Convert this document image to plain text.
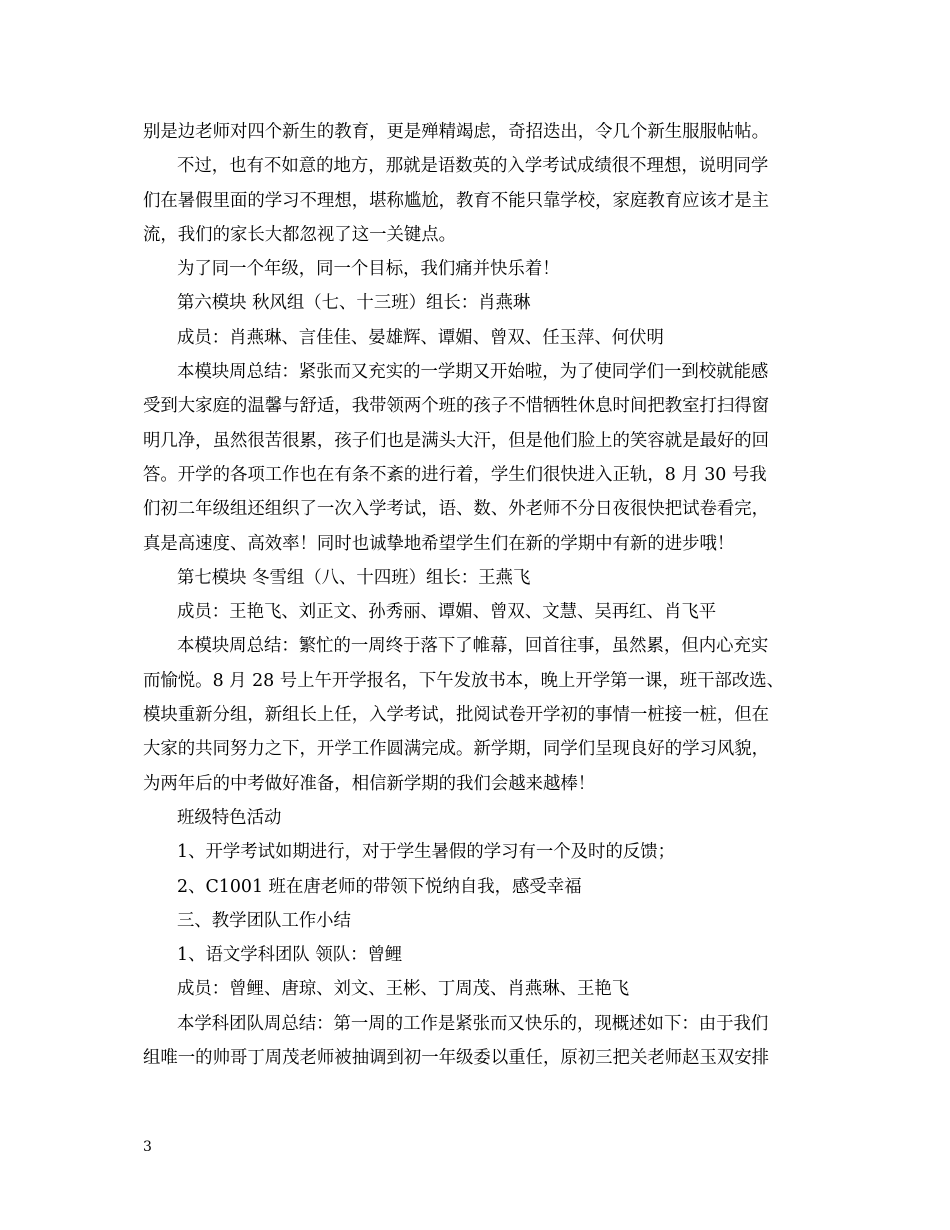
别是边老师对四个新生的教育，更是殚精竭虑，奇招迭出，令几个新生服服帖帖。
不过，也有不如意的地方，那就是语数英的入学考试成绩很不理想，说明同学
们在暑假里面的学习不理想，堪称尴尬，教育不能只靠学校，家庭教育应该才是主
流，我们的家长大都忽视了这一关键点。
为了同一个年级，同一个目标，我们痛并快乐着！
第六模块 秋风组（七、十三班）组长：肖燕琳
成员：肖燕琳、言佳佳、晏雄辉、谭媚、曾双、任玉萍、何伏明
本模块周总结：紧张而又充实的一学期又开始啦，为了使同学们一到校就能感
受到大家庭的温馨与舒适，我带领两个班的孩子不惜牺牲休息时间把教室打扫得窗
明几净，虽然很苦很累，孩子们也是满头大汗，但是他们脸上的笑容就是最好的回
答。开学的各项工作也在有条不紊的进行着，学生们很快进入正轨，8 月 30 号我
们初二年级组还组织了一次入学考试，语、数、外老师不分日夜很快把试卷看完，
真是高速度、高效率！同时也诚挚地希望学生们在新的学期中有新的进步哦！
第七模块 冬雪组（八、十四班）组长：王燕飞
成员：王艳飞、刘正文、孙秀丽、谭媚、曾双、文慧、吴再红、肖飞平
本模块周总结：繁忙的一周终于落下了帷幕，回首往事，虽然累，但内心充实
而愉悦。8 月 28 号上午开学报名，下午发放书本，晚上开学第一课，班干部改选、
模块重新分组，新组长上任，入学考试，批阅试卷开学初的事情一桩接一桩，但在
大家的共同努力之下，开学工作圆满完成。新学期，同学们呈现良好的学习风貌，
为两年后的中考做好准备，相信新学期的我们会越来越棒！
班级特色活动
1、开学考试如期进行，对于学生暑假的学习有一个及时的反馈；
2、C1001 班在唐老师的带领下悦纳自我，感受幸福
三、教学团队工作小结
1、语文学科团队 领队：曾鲤
成员：曾鲤、唐琼、刘文、王彬、丁周茂、肖燕琳、王艳飞
本学科团队周总结：第一周的工作是紧张而又快乐的，现概述如下：由于我们
组唯一的帅哥丁周茂老师被抽调到初一年级委以重任，原初三把关老师赵玉双安排
3
